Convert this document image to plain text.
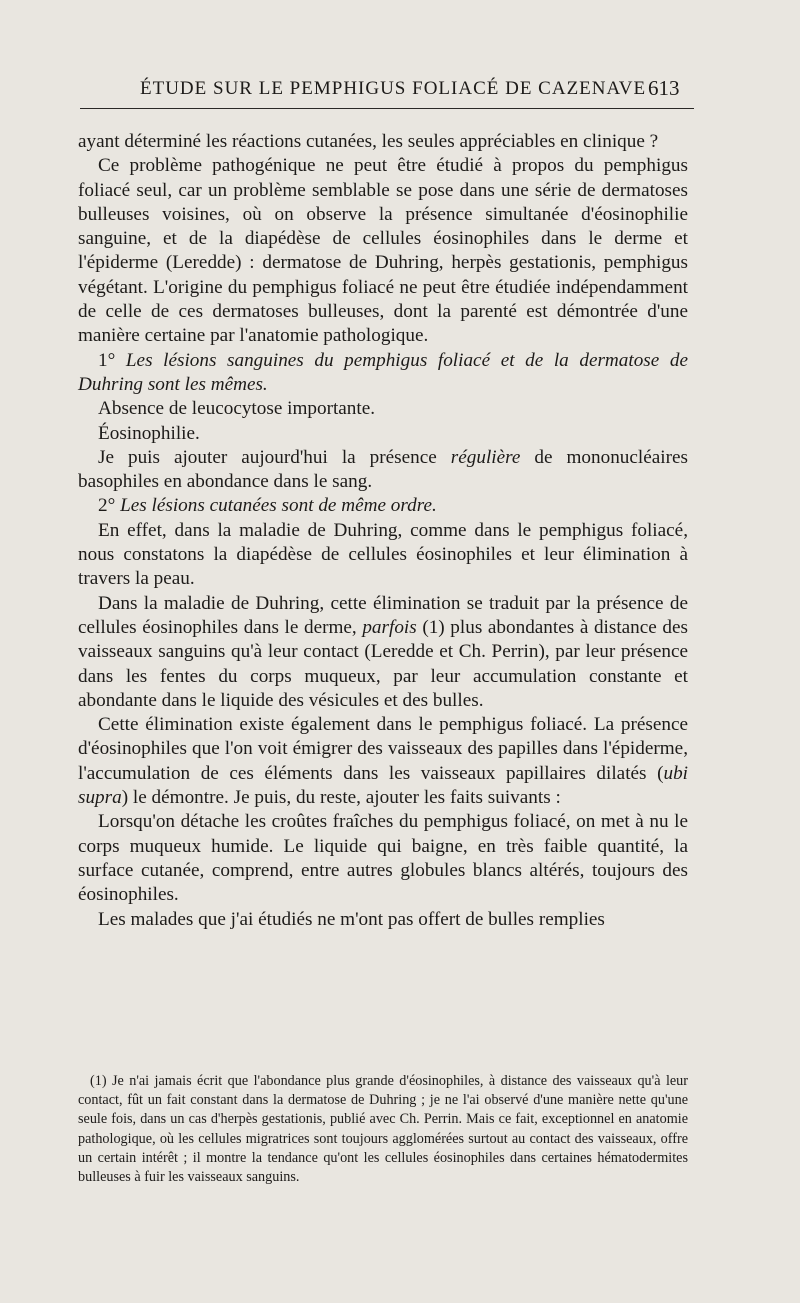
ÉTUDE SUR LE PEMPHIGUS FOLIACÉ DE CAZENAVE 613

ayant déterminé les réactions cutanées, les seules appréciables en clinique ?

Ce problème pathogénique ne peut être étudié à propos du pemphigus foliacé seul, car un problème semblable se pose dans une série de dermatoses bulleuses voisines, où on observe la présence simultanée d'éosinophilie sanguine, et de la diapédèse de cellules éosinophiles dans le derme et l'épiderme (Leredde) : dermatose de Duhring, herpès gestationis, pemphigus végétant. L'origine du pemphigus foliacé ne peut être étudiée indépendamment de celle de ces dermatoses bulleuses, dont la parenté est démontrée d'une manière certaine par l'anatomie pathologique.

1° Les lésions sanguines du pemphigus foliacé et de la dermatose de Duhring sont les mêmes.

Absence de leucocytose importante.

Éosinophilie.

Je puis ajouter aujourd'hui la présence régulière de mononucléaires basophiles en abondance dans le sang.

2° Les lésions cutanées sont de même ordre.

En effet, dans la maladie de Duhring, comme dans le pemphigus foliacé, nous constatons la diapédèse de cellules éosinophiles et leur élimination à travers la peau.

Dans la maladie de Duhring, cette élimination se traduit par la présence de cellules éosinophiles dans le derme, parfois (1) plus abondantes à distance des vaisseaux sanguins qu'à leur contact (Leredde et Ch. Perrin), par leur présence dans les fentes du corps muqueux, par leur accumulation constante et abondante dans le liquide des vésicules et des bulles.

Cette élimination existe également dans le pemphigus foliacé. La présence d'éosinophiles que l'on voit émigrer des vaisseaux des papilles dans l'épiderme, l'accumulation de ces éléments dans les vaisseaux papillaires dilatés (ubi supra) le démontre. Je puis, du reste, ajouter les faits suivants :

Lorsqu'on détache les croûtes fraîches du pemphigus foliacé, on met à nu le corps muqueux humide. Le liquide qui baigne, en très faible quantité, la surface cutanée, comprend, entre autres globules blancs altérés, toujours des éosinophiles.

Les malades que j'ai étudiés ne m'ont pas offert de bulles remplies

(1) Je n'ai jamais écrit que l'abondance plus grande d'éosinophiles, à distance des vaisseaux qu'à leur contact, fût un fait constant dans la dermatose de Duhring ; je ne l'ai observé d'une manière nette qu'une seule fois, dans un cas d'herpès gestationis, publié avec Ch. Perrin. Mais ce fait, exceptionnel en anatomie pathologique, où les cellules migratrices sont toujours agglomérées surtout au contact des vaisseaux, offre un certain intérêt ; il montre la tendance qu'ont les cellules éosinophiles dans certaines hématodermites bulleuses à fuir les vaisseaux sanguins.
